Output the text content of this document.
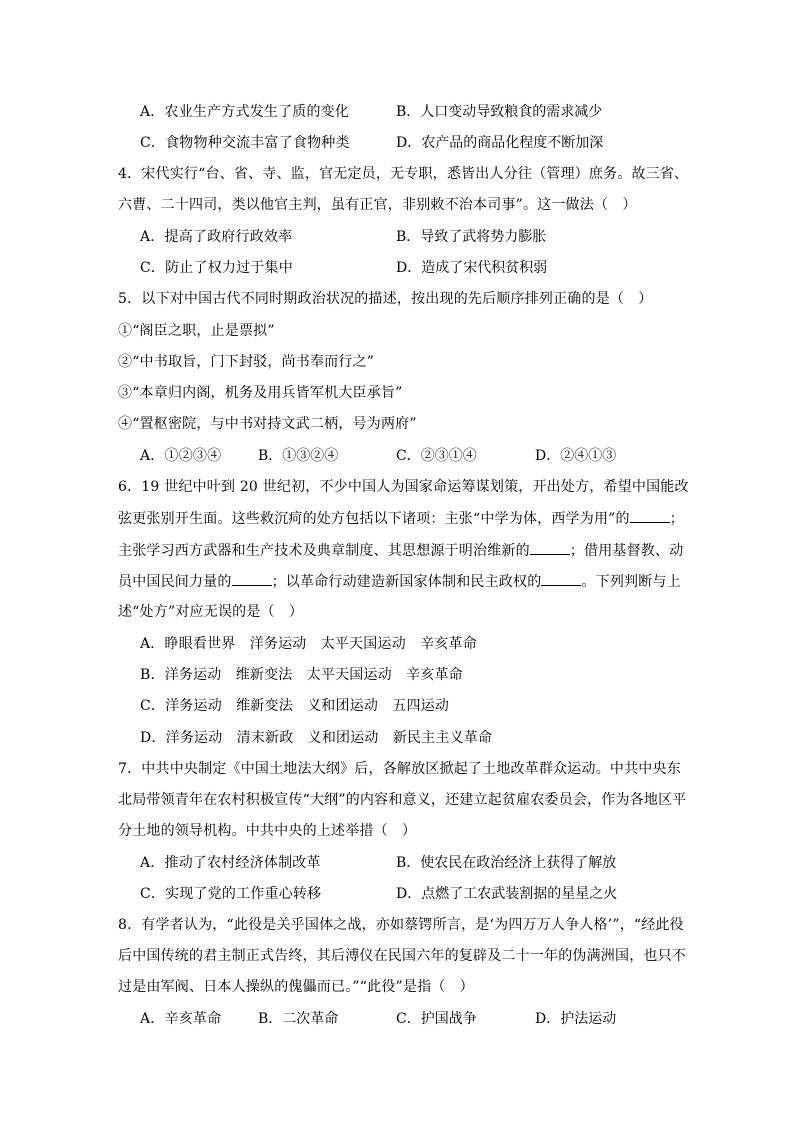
A．农业生产方式发生了质的变化	B．人口变动导致粮食的需求减少
C．食物物种交流丰富了食物种类	D．农产品的商品化程度不断加深
4．宋代实行“台、省、寺、监，官无定员，无专职，悉皆出人分往（管理）庶务。故三省、
六曹、二十四司，类以他官主判，虽有正官，非别敕不治本司事”。这一做法（　）
A．提高了政府行政效率	B．导致了武将势力膨胀
C．防止了权力过于集中	D．造成了宋代积贫积弱
5．以下对中国古代不同时期政治状况的描述，按出现的先后顺序排列正确的是（　）
①“阁臣之职，止是票拟”
②“中书取旨，门下封驳，尚书奉而行之”
③“本章归内阁，机务及用兵皆军机大臣承旨”
④“置枢密院，与中书对持文武二柄，号为两府”
A．①②③④	B．①③②④	C．②③①④	D．②④①③
6．19 世纪中叶到 20 世纪初，不少中国人为国家命运筹谋划策，开出处方，希望中国能改
弦更张别开生面。这些救沉疴的处方包括以下诸项：主张“中学为体，西学为用”的	；
主张学习西方武器和生产技术及典章制度、其思想源于明治维新的	；借用基督教、动
员中国民间力量的	；以革命行动建造新国家体制和民主政权的	。下列判断与上
述“处方”对应无误的是（　）
A．睁眼看世界　洋务运动　太平天国运动　辛亥革命
B．洋务运动　维新变法　太平天国运动　辛亥革命
C．洋务运动　维新变法　义和团运动　五四运动
D．洋务运动　清末新政　义和团运动　新民主主义革命
7．中共中央制定《中国土地法大纲》后，各解放区掀起了土地改革群众运动。中共中央东
北局带领青年在农村积极宣传“大纲”的内容和意义，还建立起贫雇农委员会，作为各地区平
分土地的领导机构。中共中央的上述举措（　）
A．推动了农村经济体制改革	B．使农民在政治经济上获得了解放
C．实现了党的工作重心转移	D．点燃了工农武装割据的星星之火
8．有学者认为，“此役是关乎国体之战，亦如蔡锷所言，是‘为四万万人争人格’”，“经此役
后中国传统的君主制正式告终，其后溥仪在民国六年的复辟及二十一年的伪满洲国，也只不
过是由军阀、日本人操纵的傀儡而已。”“此役”是指（　）
A．辛亥革命	B．二次革命	C．护国战争	D．护法运动
